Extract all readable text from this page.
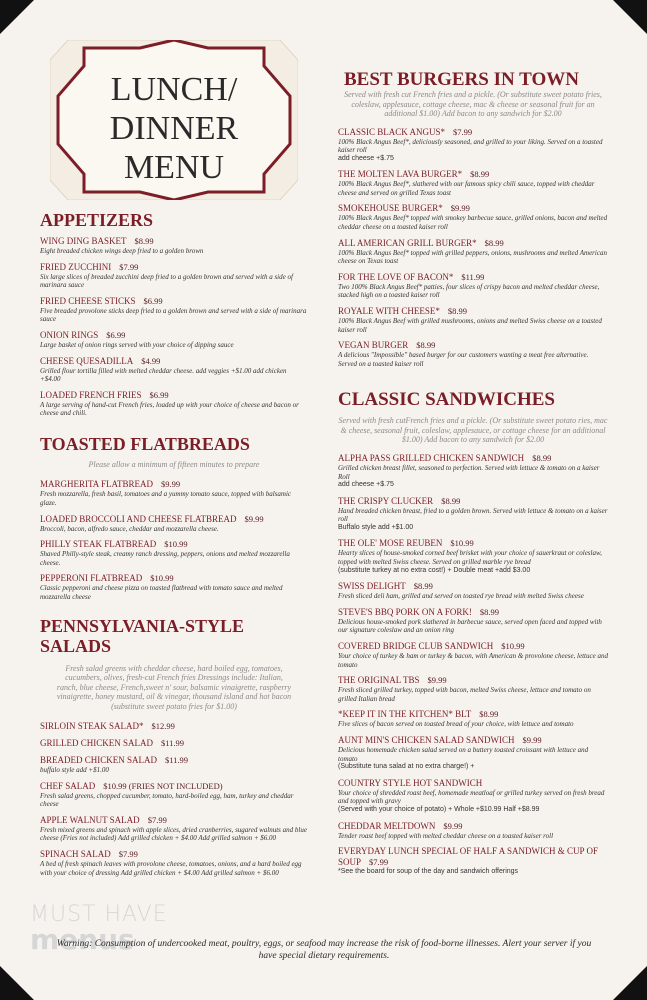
LUNCH/
DINNER
MENU
APPETIZERS
WING DING BASKET $8.99
Eight breaded chicken wings deep fried to a golden brown
FRIED ZUCCHINI $7.99
Six large slices of breaded zucchini deep fried to a golden brown and served with a side of marinara sauce
FRIED CHEESE STICKS $6.99
Five breaded provolone sticks deep fried to a golden brown and served with a side of marinara sauce
ONION RINGS $6.99
Large basket of onion rings served with your choice of dipping sauce
CHEESE QUESADILLA $4.99
Grilled flour tortilla filled with melted cheddar cheese. add veggies +$1.00 add chicken +$4.00
LOADED FRENCH FRIES $6.99
A large serving of hand-cut French fries, loaded up with your choice of cheese and bacon or cheese and chili.
TOASTED FLATBREADS
Please allow a minimum of fifteen minutes to prepare
MARGHERITA FLATBREAD $9.99
Fresh mozzarella, fresh basil, tomatoes and a yummy tomato sauce, topped with balsamic glaze.
LOADED BROCCOLI AND CHEESE FLATBREAD $9.99
Broccoli, bacon, alfredo sauce, cheddar and mozzarella cheese.
PHILLY STEAK FLATBREAD $10.99
Shaved Philly-style steak, creamy ranch dressing, peppers, onions and melted mozzarella cheese.
PEPPERONI FLATBREAD $10.99
Classic pepperoni and cheese pizza on toasted flatbread with tomato sauce and melted mozzarella cheese
PENNSYLVANIA-STYLE SALADS
Fresh salad greens with cheddar cheese, hard boiled egg, tomatoes, cucumbers, olives, fresh-cut French fries Dressings include: Italian, ranch, blue cheese, French,sweet n' sour, balsamic vinaigrette, raspberry vinaigrette, honey mustard, oil & vinegar, thousand island and hot bacon (substitute sweet potato fries for $1.00)
SIRLOIN STEAK SALAD* $12.99
GRILLED CHICKEN SALAD $11.99
BREADED CHICKEN SALAD $11.99
buffalo style add +$1.00
CHEF SALAD $10.99 (FRIES NOT INCLUDED)
Fresh salad greens, chopped cucumber, tomato, hard-boiled egg, ham, turkey and cheddar cheese
APPLE WALNUT SALAD $7.99
Fresh mixed greens and spinach with apple slices, dried cranberries, sugared walnuts and blue cheese (Fries not included) Add grilled chicken + $4.00 Add grilled salmon + $6.00
SPINACH SALAD $7.99
A bed of fresh spinach leaves with provolone cheese, tomatoes, onions, and a hard boiled egg with your choice of dressing Add grilled chicken + $4.00 Add grilled salmon + $6.00
BEST BURGERS IN TOWN
Served with fresh cut French fries and a pickle. (Or substitute sweet potato fries, coleslaw, applesauce, cottage cheese, mac & cheese or seasonal fruit for an additional $1.00) Add bacon to any sandwich for $2.00
CLASSIC BLACK ANGUS* $7.99
100% Black Angus Beef*, deliciously seasoned, and grilled to your liking. Served on a toasted kaiser roll
add cheese +$.75
THE MOLTEN LAVA BURGER* $8.99
100% Black Angus Beef*, slathered with our famous spicy chili sauce, topped with cheddar cheese and served on grilled Texas toast
SMOKEHOUSE BURGER* $9.99
100% Black Angus Beef* topped with smokey barbecue sauce, grilled onions, bacon and melted cheddar cheese on a toasted kaiser roll
ALL AMERICAN GRILL BURGER* $8.99
100% Black Angus Beef* topped with grilled peppers, onions, mushrooms and melted American cheese on Texas toast
FOR THE LOVE OF BACON* $11.99
Two 100% Black Angus Beef* patties, four slices of crispy bacon and melted cheddar cheese, stacked high on a toasted kaiser roll
ROYALE WITH CHEESE* $8.99
100% Black Angus Beef with grilled mushrooms, onions and melted Swiss cheese on a toasted kaiser roll
VEGAN BURGER $8.99
A delicious "Impossible" based burger for our customers wanting a meat free alternative. Served on a toasted kaiser roll
CLASSIC SANDWICHES
Served with fresh cutFrench fries and a pickle. (Or substitute sweet potato ries, mac & cheese, seasonal fruit, coleslaw, applesauce, or cottage cheese for an additional $1.00) Add bacon to any sandwich for $2.00
ALPHA PASS GRILLED CHICKEN SANDWICH $8.99
Grilled chicken breast fillet, seasoned to perfection. Served with lettuce & tomato on a kaiser Roll
add cheese +$.75
THE CRISPY CLUCKER $8.99
Hand breaded chicken breast, fried to a golden brown. Served with lettuce & tomato on a kaiser roll
Buffalo style add +$1.00
THE OLE' MOSE REUBEN $10.99
Hearty slices of house-smoked corned beef brisket with your choice of sauerkraut or coleslaw, topped with melted Swiss cheese. Served on grilled marble rye bread
(substitute turkey at no extra cost!) + Double meat +add $3.00
SWISS DELIGHT $8.99
Fresh sliced deli ham, grilled and served on toasted rye bread with melted Swiss cheese
STEVE'S BBQ PORK ON A FORK! $8.99
Delicious house-smoked pork slathered in barbecue sauce, served open faced and topped with our signature coleslaw and an onion ring
COVERED BRIDGE CLUB SANDWICH $10.99
Your choice of turkey & ham or turkey & bacon, with American & provolone cheese, lettuce and tomato
THE ORIGINAL TBS $9.99
Fresh sliced grilled turkey, topped with bacon, melted Swiss cheese, lettuce and tomato on grilled Italian bread
*KEEP IT IN THE KITCHEN* BLT $8.99
Five slices of bacon served on toasted bread of your choice, with lettuce and tomato
AUNT MIN'S CHICKEN SALAD SANDWICH $9.99
Delicious homemade chicken salad served on a buttery toasted croissant with lettuce and tomato
(Substitute tuna salad at no extra charge!) +
COUNTRY STYLE HOT SANDWICH
Your choice of shredded roast beef, homemade meatloaf or grilled turkey served on fresh bread and topped with gravy
(Served with your choice of potato) + Whole +$10.99 Half +$8.99
CHEDDAR MELTDOWN $9.99
Tender roast beef topped with melted cheddar cheese on a toasted kaiser roll
EVERYDAY LUNCH SPECIAL OF HALF A SANDWICH & CUP OF SOUP $7.99
*See the board for soup of the day and sandwich offerings
MUST HAVE
menus
Warning: Consumption of undercooked meat, poultry, eggs, or seafood may increase the risk of food-borne illnesses. Alert your server if you have special dietary requirements.
